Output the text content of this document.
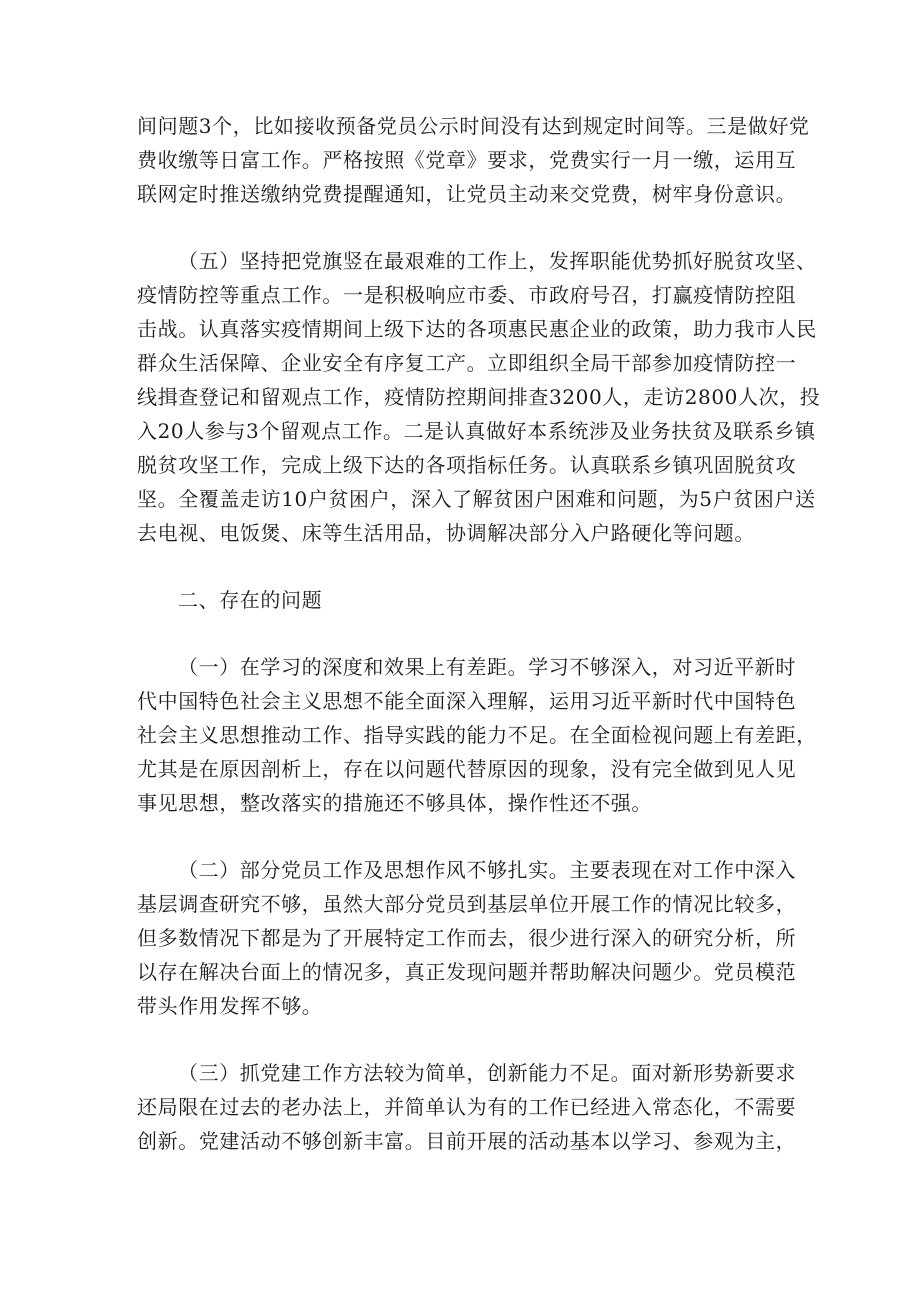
间问题3个，比如接收预备党员公示时间没有达到规定时间等。三是做好党
费收缴等日富工作。严格按照《党章》要求，党费实行一月一缴，运用互
联网定时推送缴纳党费提醒通知，让党员主动来交党费，树牢身份意识。

（五）坚持把党旗竖在最艰难的工作上，发挥职能优势抓好脱贫攻坚、
疫情防控等重点工作。一是积极响应市委、市政府号召，打赢疫情防控阻
击战。认真落实疫情期间上级下达的各项惠民惠企业的政策，助力我市人民
群众生活保障、企业安全有序复工产。立即组织全局干部参加疫情防控一
线揖查登记和留观点工作，疫情防控期间排查3200人，走访2800人次，投
入20人参与3个留观点工作。二是认真做好本系统涉及业务扶贫及联系乡镇
脱贫攻坚工作，完成上级下达的各项指标任务。认真联系乡镇巩固脱贫攻
坚。全覆盖走访10户贫困户，深入了解贫困户困难和问题，为5户贫困户送
去电视、电饭煲、床等生活用品，协调解决部分入户路硬化等问题。

二、存在的问题

（一）在学习的深度和效果上有差距。学习不够深入，对习近平新时
代中国特色社会主义思想不能全面深入理解，运用习近平新时代中国特色
社会主义思想推动工作、指导实践的能力不足。在全面检视问题上有差距，
尤其是在原因剖析上，存在以问题代替原因的现象，没有完全做到见人见
事见思想，整改落实的措施还不够具体，操作性还不强。

（二）部分党员工作及思想作风不够扎实。主要表现在对工作中深入
基层调查研究不够，虽然大部分党员到基层单位开展工作的情况比较多，
但多数情况下都是为了开展特定工作而去，很少进行深入的研究分析，所
以存在解决台面上的情况多，真正发现问题并帮助解决问题少。党员模范
带头作用发挥不够。

（三）抓党建工作方法较为简单，创新能力不足。面对新形势新要求
还局限在过去的老办法上，并简单认为有的工作已经进入常态化，不需要
创新。党建活动不够创新丰富。目前开展的活动基本以学习、参观为主，
